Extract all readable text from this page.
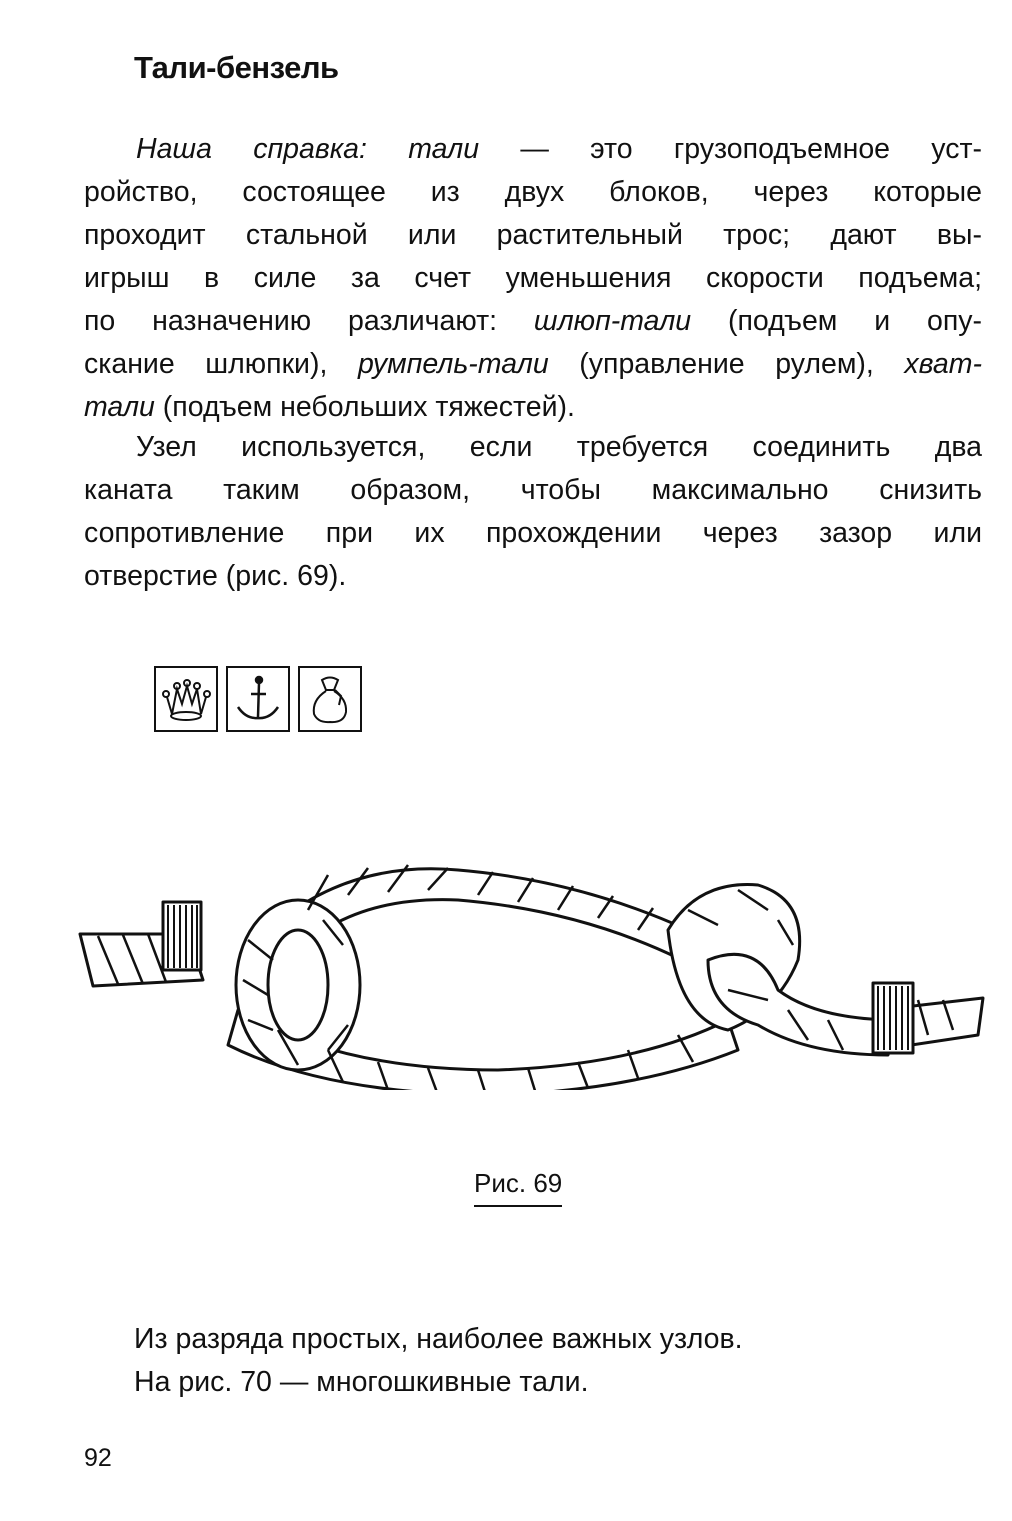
Тали-бензель
Наша справка: тали — это грузоподъемное уст-
ройство, состоящее из двух блоков, через которые
проходит стальной или растительный трос; дают вы-
игрыш в силе за счет уменьшения скорости подъема;
по назначению различают: шлюп-тали (подъем и опу-
скание шлюпки), румпель-тали (управление рулем), хват-
тали (подъем небольших тяжестей).
Узел используется, если требуется соединить два
каната таким образом, чтобы максимально снизить
сопротивление при их прохождении через зазор или
отверстие (рис. 69).
Рис. 69
Из разряда простых, наиболее важных узлов.
На рис. 70 — многошкивные тали.
92
